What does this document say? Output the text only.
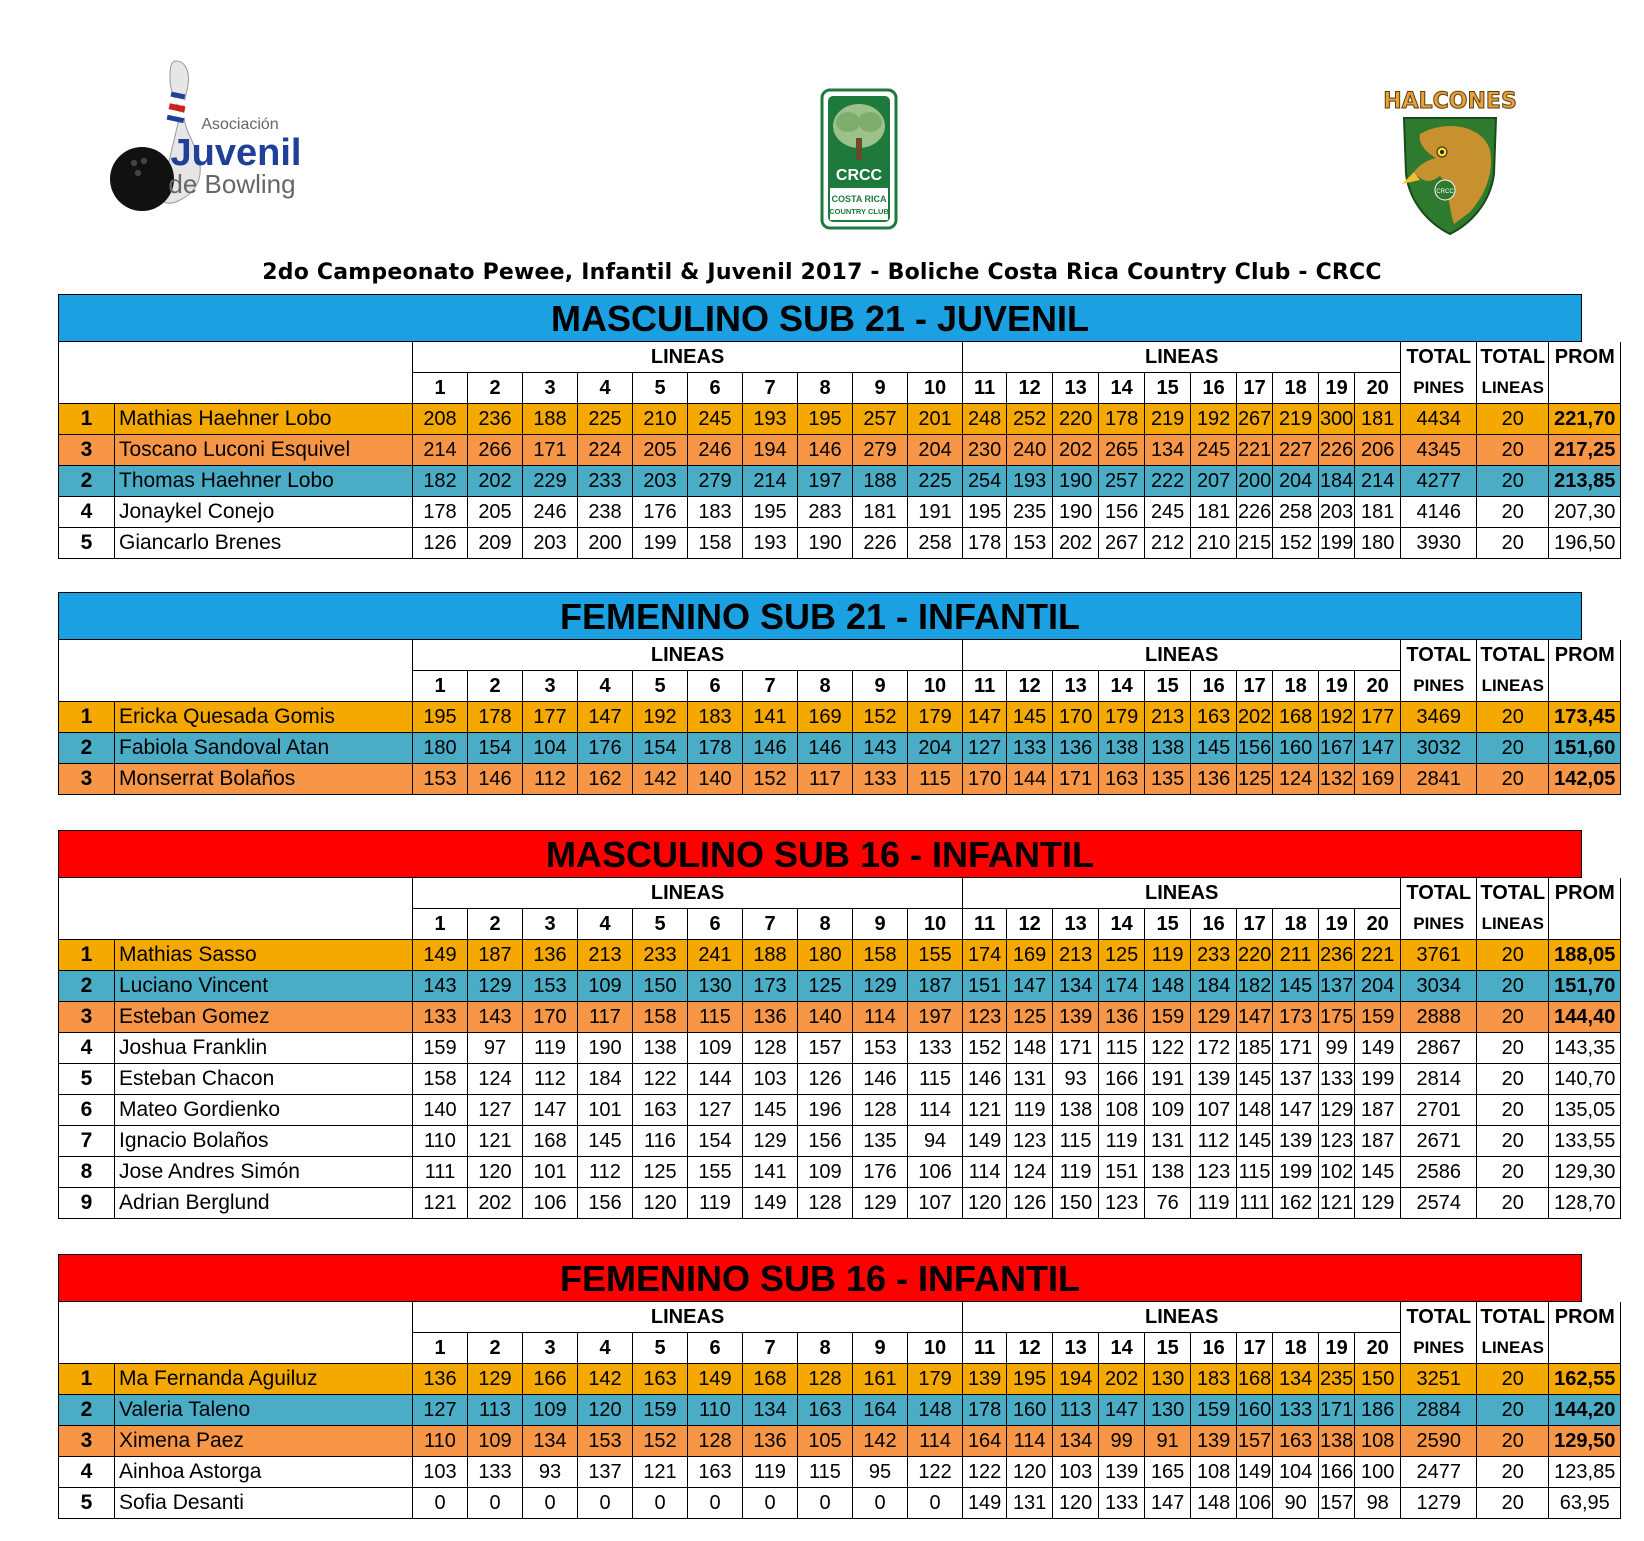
Asociación
Juvenil
de Bowling	CRCC
COSTA RICA
COUNTRY CLUB
HALCONES
CRCC
2do Campeonato Pewee, Infantil & Juvenil 2017 - Boliche Costa Rica Country Club - CRCC
MASCULINO SUB 21 - JUVENIL
		LINEAS										LINEAS										TOTAL	TOTAL	PROM
		1	2	3	4	5	6	7	8	9	10	11	12	13	14	15	16	17	18	19	20	PINES	LINEAS	
1	Mathias Haehner Lobo	208	236	188	225	210	245	193	195	257	201	248	252	220	178	219	192	267	219	300	181	4434	20	221,70
3	Toscano Luconi Esquivel	214	266	171	224	205	246	194	146	279	204	230	240	202	265	134	245	221	227	226	206	4345	20	217,25
2	Thomas Haehner Lobo	182	202	229	233	203	279	214	197	188	225	254	193	190	257	222	207	200	204	184	214	4277	20	213,85
4	Jonaykel Conejo	178	205	246	238	176	183	195	283	181	191	195	235	190	156	245	181	226	258	203	181	4146	20	207,30
5	Giancarlo Brenes	126	209	203	200	199	158	193	190	226	258	178	153	202	267	212	210	215	152	199	180	3930	20	196,50
FEMENINO SUB 21 - INFANTIL
		LINEAS										LINEAS										TOTAL	TOTAL	PROM
		1	2	3	4	5	6	7	8	9	10	11	12	13	14	15	16	17	18	19	20	PINES	LINEAS	
1	Ericka Quesada Gomis	195	178	177	147	192	183	141	169	152	179	147	145	170	179	213	163	202	168	192	177	3469	20	173,45
2	Fabiola Sandoval Atan	180	154	104	176	154	178	146	146	143	204	127	133	136	138	138	145	156	160	167	147	3032	20	151,60
3	Monserrat Bolaños	153	146	112	162	142	140	152	117	133	115	170	144	171	163	135	136	125	124	132	169	2841	20	142,05
MASCULINO SUB 16 - INFANTIL
		LINEAS										LINEAS										TOTAL	TOTAL	PROM
		1	2	3	4	5	6	7	8	9	10	11	12	13	14	15	16	17	18	19	20	PINES	LINEAS	
1	Mathias Sasso	149	187	136	213	233	241	188	180	158	155	174	169	213	125	119	233	220	211	236	221	3761	20	188,05
2	Luciano Vincent	143	129	153	109	150	130	173	125	129	187	151	147	134	174	148	184	182	145	137	204	3034	20	151,70
3	Esteban Gomez	133	143	170	117	158	115	136	140	114	197	123	125	139	136	159	129	147	173	175	159	2888	20	144,40
4	Joshua Franklin	159	97	119	190	138	109	128	157	153	133	152	148	171	115	122	172	185	171	99	149	2867	20	143,35
5	Esteban Chacon	158	124	112	184	122	144	103	126	146	115	146	131	93	166	191	139	145	137	133	199	2814	20	140,70
6	Mateo Gordienko	140	127	147	101	163	127	145	196	128	114	121	119	138	108	109	107	148	147	129	187	2701	20	135,05
7	Ignacio Bolaños	110	121	168	145	116	154	129	156	135	94	149	123	115	119	131	112	145	139	123	187	2671	20	133,55
8	Jose Andres Simón	111	120	101	112	125	155	141	109	176	106	114	124	119	151	138	123	115	199	102	145	2586	20	129,30
9	Adrian Berglund	121	202	106	156	120	119	149	128	129	107	120	126	150	123	76	119	111	162	121	129	2574	20	128,70
FEMENINO SUB 16 - INFANTIL
		LINEAS										LINEAS										TOTAL	TOTAL	PROM
		1	2	3	4	5	6	7	8	9	10	11	12	13	14	15	16	17	18	19	20	PINES	LINEAS	
1	Ma Fernanda Aguiluz	136	129	166	142	163	149	168	128	161	179	139	195	194	202	130	183	168	134	235	150	3251	20	162,55
2	Valeria Taleno	127	113	109	120	159	110	134	163	164	148	178	160	113	147	130	159	160	133	171	186	2884	20	144,20
3	Ximena Paez	110	109	134	153	152	128	136	105	142	114	164	114	134	99	91	139	157	163	138	108	2590	20	129,50
4	Ainhoa Astorga	103	133	93	137	121	163	119	115	95	122	122	120	103	139	165	108	149	104	166	100	2477	20	123,85
5	Sofia Desanti	0	0	0	0	0	0	0	0	0	0	149	131	120	133	147	148	106	90	157	98	1279	20	63,95
